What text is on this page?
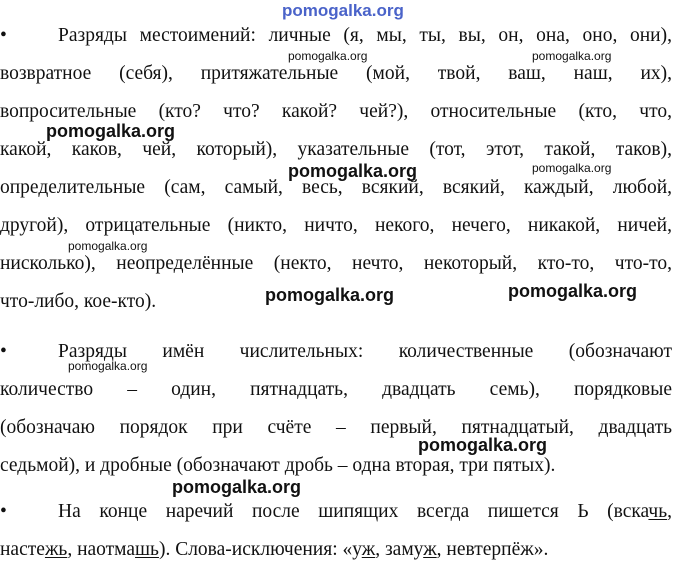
pomogalka.org
•	Разряды местоимений: личные (я, мы, ты, вы, он, она, оно, они),

возвратное (себя), притяжательные (мой, твой, ваш, наш, их),

вопросительные (кто? что? какой? чей?), относительные (кто, что,

какой, каков, чей, который), указательные (тот, этот, такой, таков),

определительные (сам, самый, весь, всякий, всякий, каждый, любой,

другой), отрицательные (никто, ничто, некого, нечего, никакой, ничей,

нисколько), неопределённые (некто, нечто, некоторый, кто-то, что-то,

что-либо, кое-кто).

•	Разряды имён числительных: количественные (обозначают

количество – один, пятнадцать, двадцать семь), порядковые

(обозначаю порядок при счёте – первый, пятнадцатый, двадцать

седьмой), и дробные (обозначают дробь – одна вторая, три пятых).

•	На конце наречий после шипящих всегда пишется Ь (вскачь,

настежь, наотмашь). Слова-исключения: «уж, замуж, невтерпёж».

pomogalka.org	pomogalka.org
pomogalka.org
pomogalka.org
pomogalka.org
pomogalka.org
pomogalka.org	pomogalka.org
pomogalka.org
pomogalka.org
pomogalka.org
